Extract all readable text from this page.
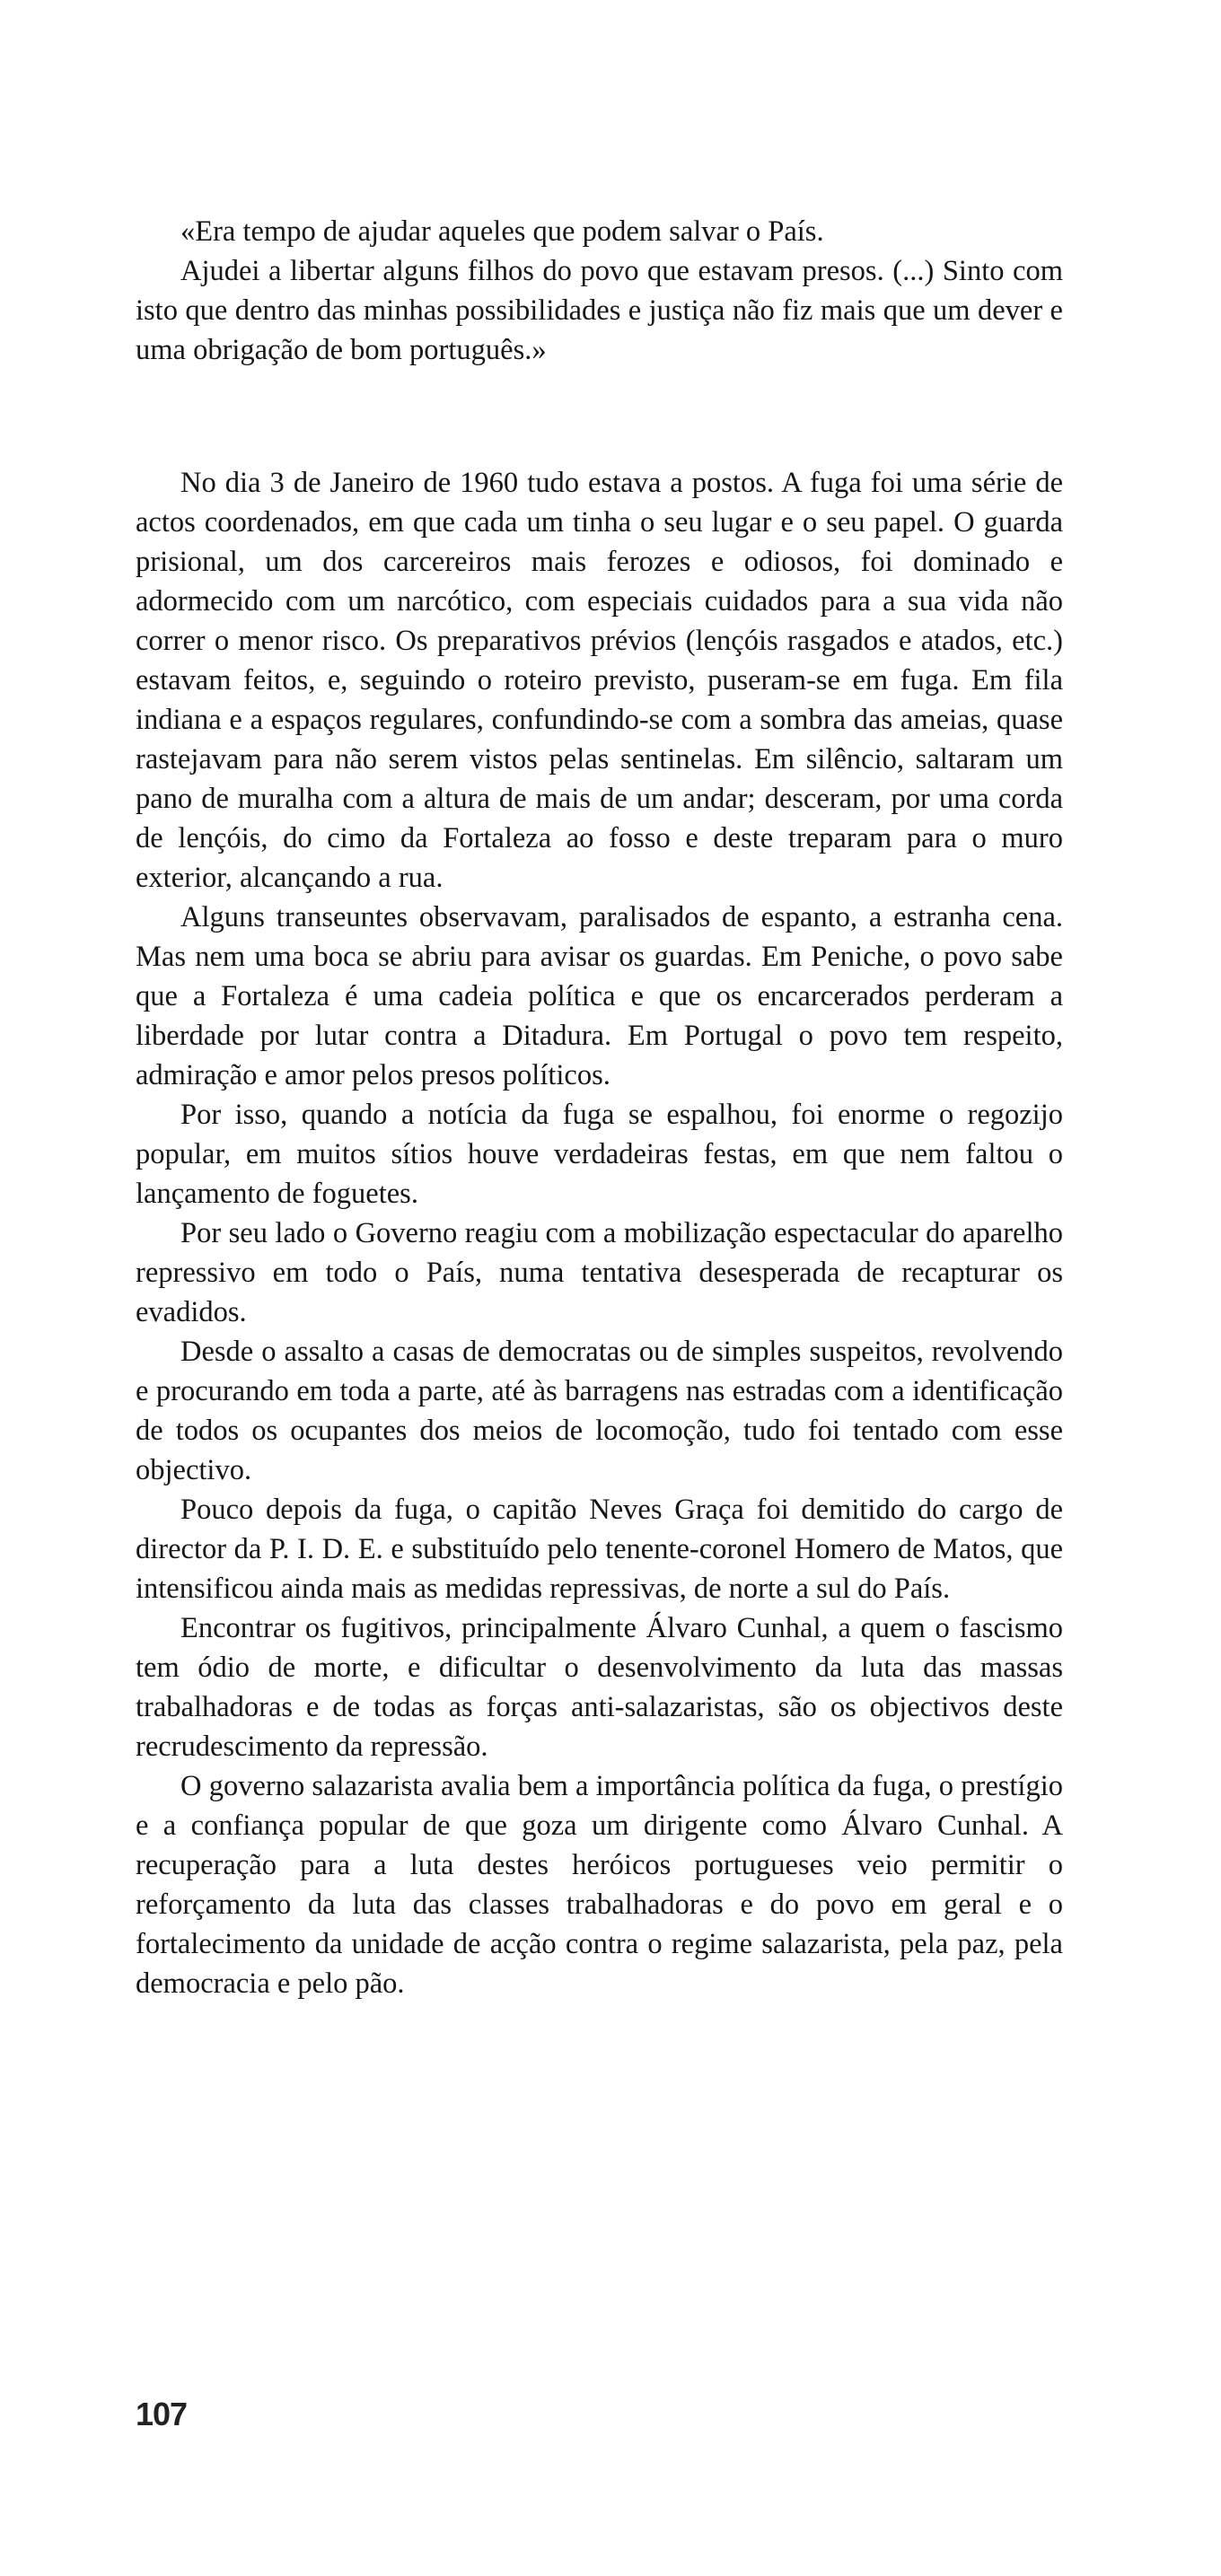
«Era tempo de ajudar aqueles que podem salvar o País.

Ajudei a libertar alguns filhos do povo que estavam presos. (...) Sinto com isto que dentro das minhas possibilidades e justiça não fiz mais que um dever e uma obrigação de bom português.»

No dia 3 de Janeiro de 1960 tudo estava a postos. A fuga foi uma série de actos coordenados, em que cada um tinha o seu lugar e o seu papel. O guarda prisional, um dos carcereiros mais ferozes e odiosos, foi dominado e adormecido com um narcótico, com especiais cuidados para a sua vida não correr o menor risco. Os preparativos prévios (lençóis rasgados e atados, etc.) estavam feitos, e, seguindo o roteiro previsto, puseram-se em fuga. Em fila indiana e a espaços regulares, confundindo-se com a sombra das ameias, quase rastejavam para não serem vistos pelas sentinelas. Em silêncio, saltaram um pano de muralha com a altura de mais de um andar; desceram, por uma corda de lençóis, do cimo da Fortaleza ao fosso e deste treparam para o muro exterior, alcançando a rua.

Alguns transeuntes observavam, paralisados de espanto, a estranha cena. Mas nem uma boca se abriu para avisar os guardas. Em Peniche, o povo sabe que a Fortaleza é uma cadeia política e que os encarcerados perderam a liberdade por lutar contra a Ditadura. Em Portugal o povo tem respeito, admiração e amor pelos presos políticos.

Por isso, quando a notícia da fuga se espalhou, foi enorme o regozijo popular, em muitos sítios houve verdadeiras festas, em que nem faltou o lançamento de foguetes.

Por seu lado o Governo reagiu com a mobilização espectacular do aparelho repressivo em todo o País, numa tentativa desesperada de recapturar os evadidos.

Desde o assalto a casas de democratas ou de simples suspeitos, revolvendo e procurando em toda a parte, até às barragens nas estradas com a identificação de todos os ocupantes dos meios de locomoção, tudo foi tentado com esse objectivo.

Pouco depois da fuga, o capitão Neves Graça foi demitido do cargo de director da P. I. D. E. e substituído pelo tenente-coronel Homero de Matos, que intensificou ainda mais as medidas repressivas, de norte a sul do País.

Encontrar os fugitivos, principalmente Álvaro Cunhal, a quem o fascismo tem ódio de morte, e dificultar o desenvolvimento da luta das massas trabalhadoras e de todas as forças anti-salazaristas, são os objectivos deste recrudescimento da repressão.

O governo salazarista avalia bem a importância política da fuga, o prestígio e a confiança popular de que goza um dirigente como Álvaro Cunhal. A recuperação para a luta destes heróicos portugueses veio permitir o reforçamento da luta das classes trabalhadoras e do povo em geral e o fortalecimento da unidade de acção contra o regime salazarista, pela paz, pela democracia e pelo pão.

107
